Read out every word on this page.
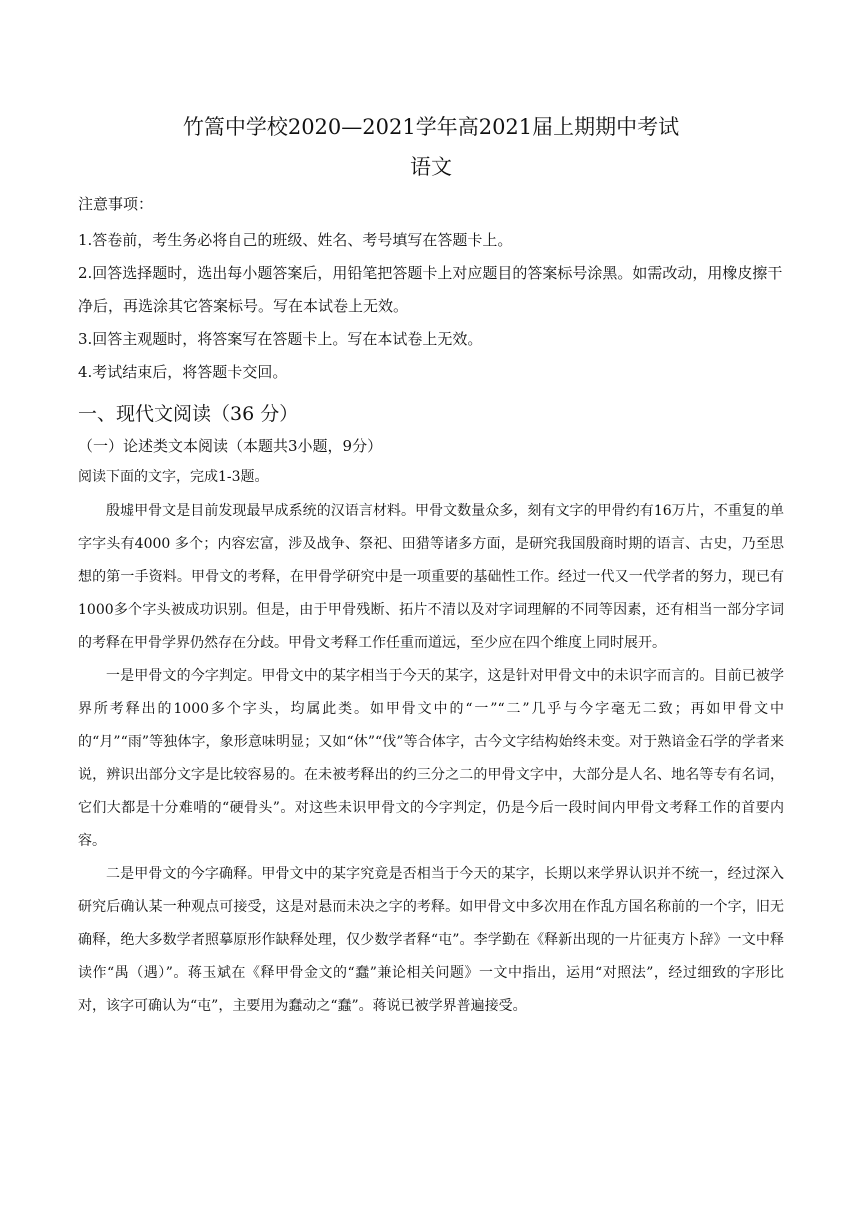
竹篙中学校2020—2021学年高2021届上期期中考试
语文

注意事项：

1.答卷前，考生务必将自己的班级、姓名、考号填写在答题卡上。

2.回答选择题时，选出每小题答案后，用铅笔把答题卡上对应题目的答案标号涂黑。如需改动，用橡皮擦干净后，再选涂其它答案标号。写在本试卷上无效。

3.回答主观题时，将答案写在答题卡上。写在本试卷上无效。

4.考试结束后，将答题卡交回。

一、现代文阅读（36 分）

（一）论述类文本阅读（本题共3小题，9分）

阅读下面的文字，完成1-3题。

殷墟甲骨文是目前发现最早成系统的汉语言材料。甲骨文数量众多，刻有文字的甲骨约有16万片，不重复的单字字头有4000 多个；内容宏富，涉及战争、祭祀、田猎等诸多方面，是研究我国殷商时期的语言、古史，乃至思想的第一手资料。甲骨文的考释，在甲骨学研究中是一项重要的基础性工作。经过一代又一代学者的努力，现已有1000多个字头被成功识别。但是，由于甲骨残断、拓片不清以及对字词理解的不同等因素，还有相当一部分字词的考释在甲骨学界仍然存在分歧。甲骨文考释工作任重而道远，至少应在四个维度上同时展开。

一是甲骨文的今字判定。甲骨文中的某字相当于今天的某字，这是针对甲骨文中的未识字而言的。目前已被学界所考释出的1000多个字头，均属此类。如甲骨文中的“一”“二”几乎与今字毫无二致；再如甲骨文中的“月”“雨”等独体字，象形意味明显；又如“休”“伐”等合体字，古今文字结构始终未变。对于熟谙金石学的学者来说，辨识出部分文字是比较容易的。在未被考释出的约三分之二的甲骨文字中，大部分是人名、地名等专有名词，它们大都是十分难啃的“硬骨头”。对这些未识甲骨文的今字判定，仍是今后一段时间内甲骨文考释工作的首要内容。

二是甲骨文的今字确释。甲骨文中的某字究竟是否相当于今天的某字，长期以来学界认识并不统一，经过深入研究后确认某一种观点可接受，这是对悬而未决之字的考释。如甲骨文中多次用在作乱方国名称前的一个字，旧无确释，绝大多数学者照摹原形作缺释处理，仅少数学者释“屯”。李学勤在《释新出现的一片征夷方卜辞》一文中释读作“禺（遇）”。蒋玉斌在《释甲骨金文的“蠢”兼论相关问题》一文中指出，运用“对照法”，经过细致的字形比对，该字可确认为“屯”，主要用为蠢动之“蠢”。蒋说已被学界普遍接受。
